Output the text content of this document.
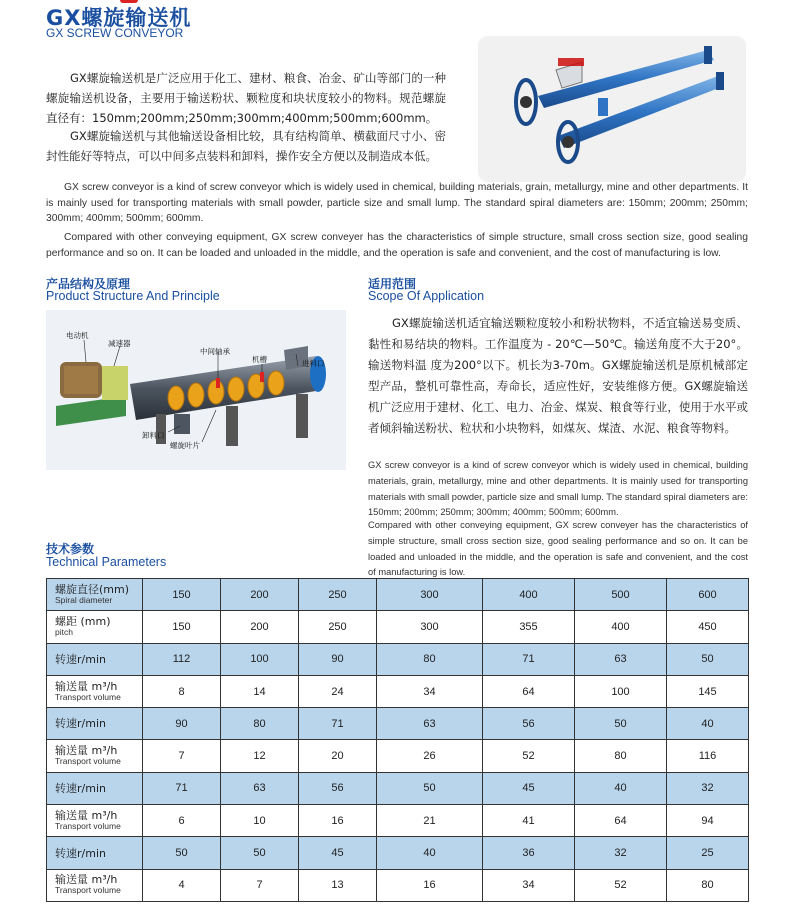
GX螺旋输送机
GX SCREW CONVEYOR
GX螺旋输送机是广泛应用于化工、建材、粮食、冶金、矿山等部门的一种螺旋输送机设备，主要用于输送粉状、颗粒度和块状度较小的物料。规范螺旋直径有：150mm;200mm;250mm;300mm;400mm;500mm;600mm。
GX螺旋输送机与其他输送设备相比较，具有结构简单、横截面尺寸小、密封性能好等特点，可以中间多点装料和卸料，操作安全方便以及制造成本低。
GX screw conveyor is a kind of screw conveyor which is widely used in chemical, building materials, grain, metallurgy, mine and other departments. It is mainly used for transporting materials with small powder, particle size and small lump. The standard spiral diameters are: 150mm; 200mm; 250mm; 300mm; 400mm; 500mm; 600mm.
Compared with other conveying equipment, GX screw conveyer has the characteristics of simple structure, small cross section size, good sealing performance and so on. It can be loaded and unloaded in the middle, and the operation is safe and convenient, and the cost of manufacturing is low.
产品结构及原理
Product Structure And Principle
电动机
减速器
中间轴承
机槽	进料口
卸料口
螺旋叶片
适用范围
Scope Of Application
GX螺旋输送机适宜输送颗粒度较小和粉状物料，不适宜输送易变质、黏性和易结块的物料。工作温度为 - 20℃—50℃。输送角度不大于20°。输送物料温 度为200°以下。机长为3-70m。GX螺旋输送机是原机械部定型产品，整机可靠性高，寿命长，适应性好，安装维修方便。GX螺旋输送机广泛应用于建材、化工、电力、冶金、煤炭、粮食等行业，使用于水平或者倾斜输送粉状、粒状和小块物料，如煤灰、煤渣、水泥、粮食等物料。
GX screw conveyor is a kind of screw conveyor which is widely used in chemical, building materials, grain, metallurgy, mine and other departments. It is mainly used for transporting materials with small powder, particle size and small lump. The standard spiral diameters are: 150mm; 200mm; 250mm; 300mm; 400mm; 500mm; 600mm.
Compared with other conveying equipment, GX screw conveyer has the characteristics of simple structure, small cross section size, good sealing performance and so on. It can be loaded and unloaded in the middle, and the operation is safe and convenient, and the cost of manufacturing is low.
技术参数
Technical Parameters
螺旋直径(mm)
Spiral diameter	150	200	250	300	400	500	600

螺距 (mm)
pitch	150	200	250	300	355	400	450

转速r/min	112	100	90	80	71	63	50

输送量 m³/h
Transport volume	8	14	24	34	64	100	145

转速r/min	90	80	71	63	56	50	40

输送量 m³/h
Transport volume	7	12	20	26	52	80	116

转速r/min	71	63	56	50	45	40	32

输送量 m³/h
Transport volume	6	10	16	21	41	64	94

转速r/min	50	50	45	40	36	32	25

输送量 m³/h
Transport volume	4	7	13	16	34	52	80
